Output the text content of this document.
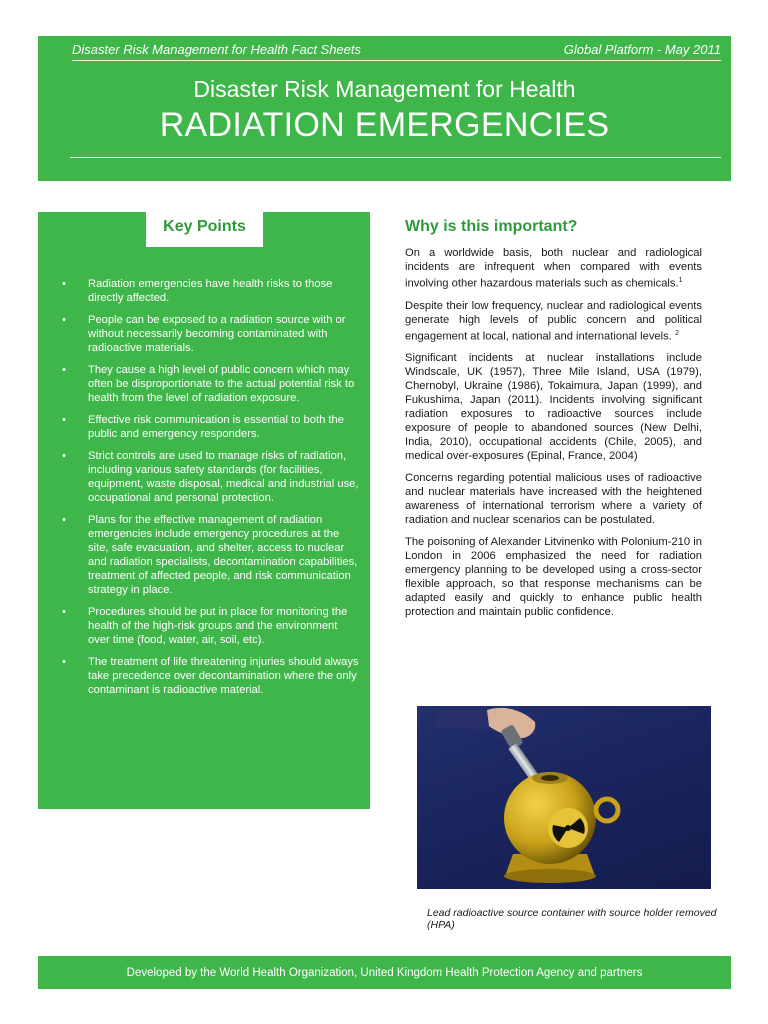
Disaster Risk Management for Health Fact Sheets	Global Platform - May 2011
Disaster Risk Management for Health
RADIATION EMERGENCIES
Key Points
• Radiation emergencies have health risks to those directly affected.
• People can be exposed to a radiation source with or without necessarily becoming contaminated with radioactive materials.
• They cause a high level of public concern which may often be disproportionate to the actual potential risk to health from the level of radiation exposure.
• Effective risk communication is essential to both the public and emergency responders.
• Strict controls are used to manage risks of radiation, including various safety standards (for facilities, equipment, waste disposal, medical and industrial use, occupational and personal protection.
• Plans for the effective management of radiation emergencies include emergency procedures at the site, safe evacuation, and shelter, access to nuclear and radiation specialists, decontamination capabilities, treatment of affected people, and risk communication strategy in place.
• Procedures should be put in place for monitoring the health of the high-risk groups and the environment over time (food, water, air, soil, etc).
• The treatment of life threatening injuries should always take precedence over decontamination where the only contaminant is radioactive material.
Why is this important?

On a worldwide basis, both nuclear and radiological incidents are infrequent when compared with events involving other hazardous materials such as chemicals.$^1$

Despite their low frequency, nuclear and radiological events generate high levels of public concern and political engagement at local, national and international levels. $^2$

Significant incidents at nuclear installations include Windscale, UK (1957), Three Mile Island, USA (1979), Chernobyl, Ukraine (1986), Tokaimura, Japan (1999), and Fukushima, Japan (2011). Incidents involving significant radiation exposures to radioactive sources include exposure of people to abandoned sources (New Delhi, India, 2010), occupational accidents (Chile, 2005), and medical over-exposures (Epinal, France, 2004)

Concerns regarding potential malicious uses of radioactive and nuclear materials have increased with the heightened awareness of international terrorism where a variety of radiation and nuclear scenarios can be postulated.

The poisoning of Alexander Litvinenko with Polonium-210 in London in 2006 emphasized the need for radiation emergency planning to be developed using a cross-sector flexible approach, so that response mechanisms can be adapted easily and quickly to enhance public health protection and maintain public confidence.

Lead radioactive source container with source holder removed (HPA)
Developed by the World Health Organization, United Kingdom Health Protection Agency and partners
